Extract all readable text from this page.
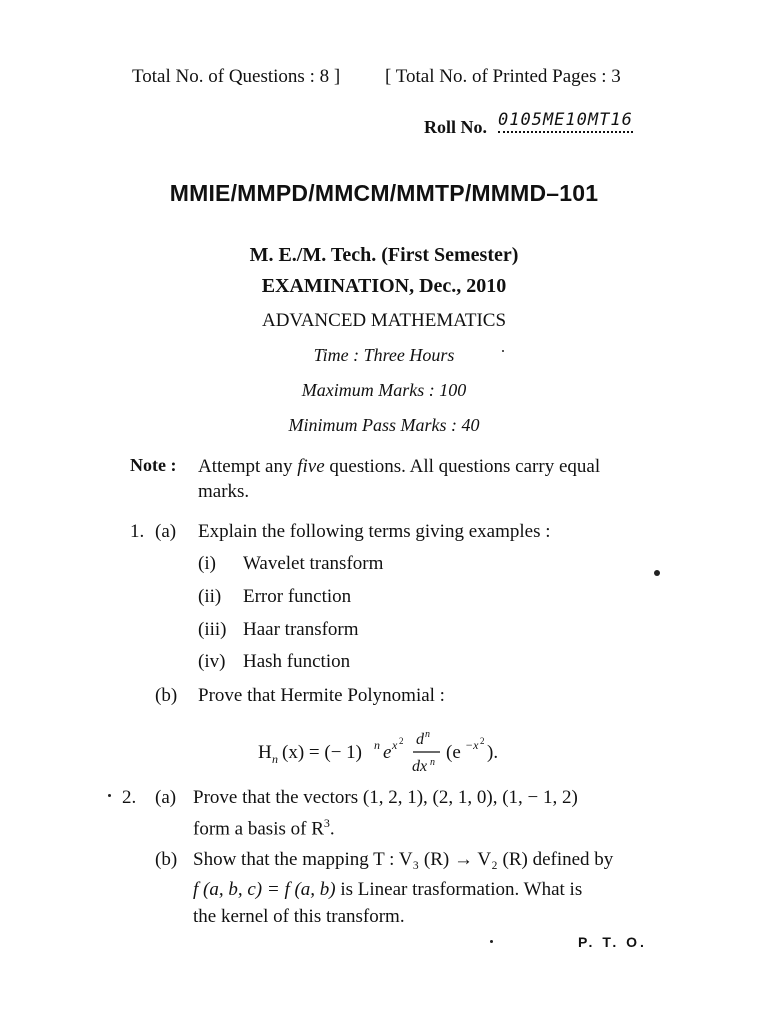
Total No. of Questions : 8 ] [ Total No. of Printed Pages : 3
Roll No. 0105ME10MT16
MMIE/MMPD/MMCM/MMTP/MMMD–101
M. E./M. Tech. (First Semester)
EXAMINATION, Dec., 2010
ADVANCED MATHEMATICS
Time : Three Hours
Maximum Marks : 100
Minimum Pass Marks : 40
Note : Attempt any five questions. All questions carry equal
marks.
1. (a) Explain the following terms giving examples :
(i) Wavelet transform
(ii) Error function
(iii) Haar transform
(iv) Hash function
(b) Prove that Hermite Polynomial :
H n (x) = (− 1) n e x 2 d n
dx n (e −x 2
).
2. (a) Prove that the vectors (1, 2, 1), (2, 1, 0), (1, − 1, 2)
form a basis of $R^3$.
(b) Show that the mapping T : V₃ (R) → V₂ (R) defined by
f (a, b, c) = f (a, b) is Linear trasformation. What is
the kernel of this transform.
P. T. O.
